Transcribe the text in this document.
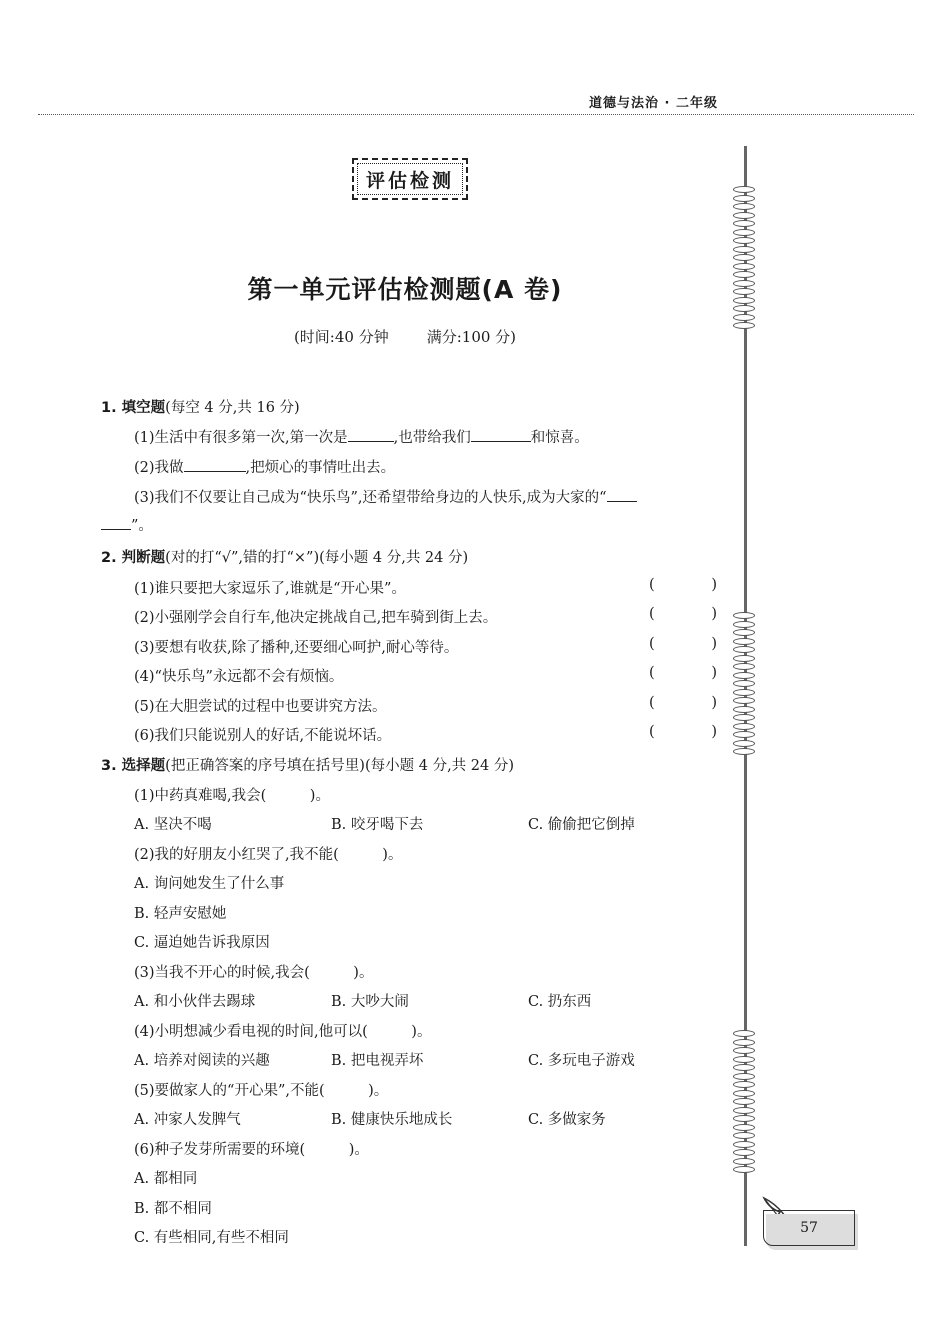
道德与法治 · 二年级
评估检测
第一单元评估检测题(A 卷)
(时间:40 分钟	满分:100 分)
1. 填空题(每空 4 分,共 16 分)
(1)生活中有很多第一次,第一次是	,也带给我们	和惊喜。
(2)我做	,把烦心的事情吐出去。
(3)我们不仅要让自己成为“快乐鸟”,还希望带给身边的人快乐,成为大家的“
”。
2. 判断题(对的打“√”,错的打“×”)(每小题 4 分,共 24 分)
(1)谁只要把大家逗乐了,谁就是“开心果”。	(	)
(2)小强刚学会自行车,他决定挑战自己,把车骑到街上去。	(	)
(3)要想有收获,除了播种,还要细心呵护,耐心等待。	(	)
(4)“快乐鸟”永远都不会有烦恼。	(	)
(5)在大胆尝试的过程中也要讲究方法。	(	)
(6)我们只能说别人的好话,不能说坏话。	(	)
3. 选择题(把正确答案的序号填在括号里)(每小题 4 分,共 24 分)
(1)中药真难喝,我会(　　　)。
A. 坚决不喝	B. 咬牙喝下去	C. 偷偷把它倒掉
(2)我的好朋友小红哭了,我不能(　　　)。
A. 询问她发生了什么事
B. 轻声安慰她
C. 逼迫她告诉我原因
(3)当我不开心的时候,我会(　　　)。
A. 和小伙伴去踢球	B. 大吵大闹	C. 扔东西
(4)小明想减少看电视的时间,他可以(　　　)。
A. 培养对阅读的兴趣	B. 把电视弄坏	C. 多玩电子游戏
(5)要做家人的“开心果”,不能(　　　)。
A. 冲家人发脾气	B. 健康快乐地成长	C. 多做家务
(6)种子发芽所需要的环境(　　　)。
A. 都相同
B. 都不相同
C. 有些相同,有些不相同
57
